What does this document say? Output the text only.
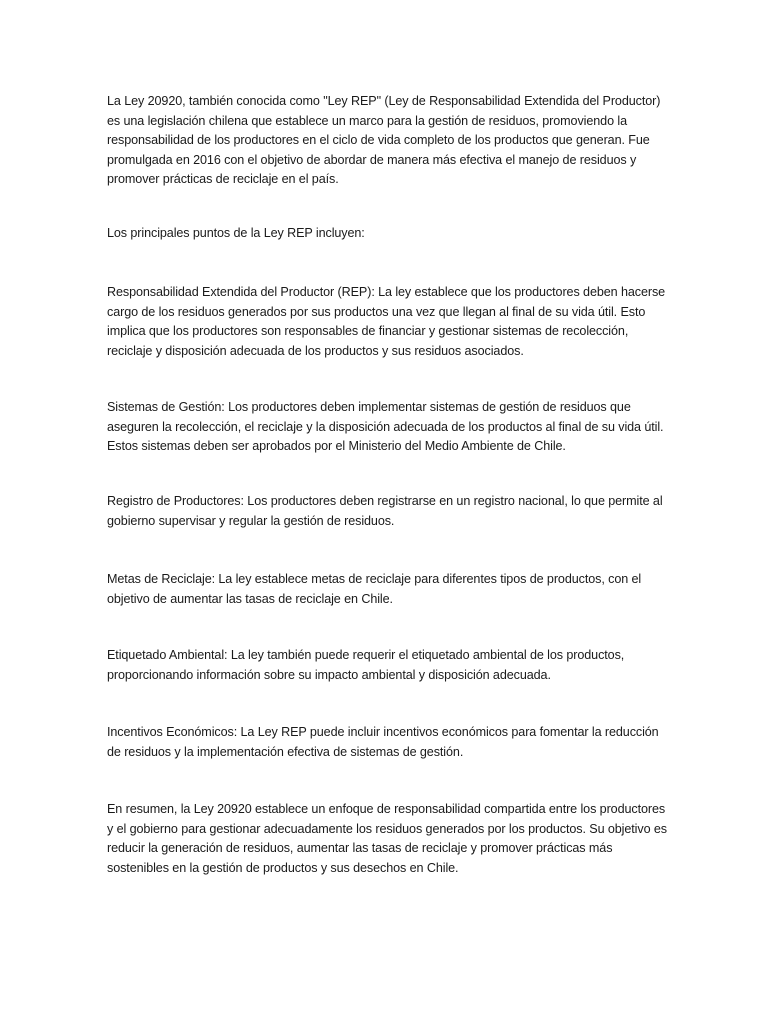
La Ley 20920, también conocida como "Ley REP" (Ley de Responsabilidad Extendida del Productor) es una legislación chilena que establece un marco para la gestión de residuos, promoviendo la responsabilidad de los productores en el ciclo de vida completo de los productos que generan. Fue promulgada en 2016 con el objetivo de abordar de manera más efectiva el manejo de residuos y promover prácticas de reciclaje en el país.

Los principales puntos de la Ley REP incluyen:

Responsabilidad Extendida del Productor (REP): La ley establece que los productores deben hacerse cargo de los residuos generados por sus productos una vez que llegan al final de su vida útil. Esto implica que los productores son responsables de financiar y gestionar sistemas de recolección, reciclaje y disposición adecuada de los productos y sus residuos asociados.

Sistemas de Gestión: Los productores deben implementar sistemas de gestión de residuos que aseguren la recolección, el reciclaje y la disposición adecuada de los productos al final de su vida útil. Estos sistemas deben ser aprobados por el Ministerio del Medio Ambiente de Chile.

Registro de Productores: Los productores deben registrarse en un registro nacional, lo que permite al gobierno supervisar y regular la gestión de residuos.

Metas de Reciclaje: La ley establece metas de reciclaje para diferentes tipos de productos, con el objetivo de aumentar las tasas de reciclaje en Chile.

Etiquetado Ambiental: La ley también puede requerir el etiquetado ambiental de los productos, proporcionando información sobre su impacto ambiental y disposición adecuada.

Incentivos Económicos: La Ley REP puede incluir incentivos económicos para fomentar la reducción de residuos y la implementación efectiva de sistemas de gestión.

En resumen, la Ley 20920 establece un enfoque de responsabilidad compartida entre los productores y el gobierno para gestionar adecuadamente los residuos generados por los productos. Su objetivo es reducir la generación de residuos, aumentar las tasas de reciclaje y promover prácticas más sostenibles en la gestión de productos y sus desechos en Chile.
